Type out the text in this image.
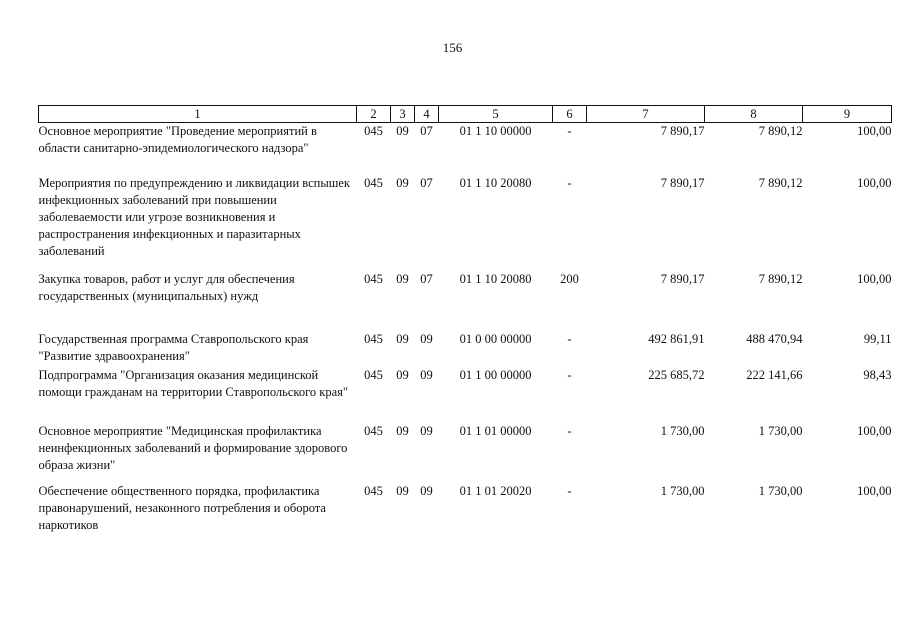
156
1	2	3	4	5	6	7	8	9
Основное мероприятие "Проведение мероприятий в области санитарно-эпидемиологического надзора"	045	09	07	01 1 10 00000	-	7 890,17	7 890,12	100,00
Мероприятия по предупреждению и ликвидации вспышек инфекционных заболеваний при повышении заболеваемости или угрозе возникновения и распространения инфекционных и паразитарных заболеваний	045	09	07	01 1 10 20080	-	7 890,17	7 890,12	100,00
Закупка товаров, работ и услуг для обеспечения государственных (муниципальных) нужд	045	09	07	01 1 10 20080	200	7 890,17	7 890,12	100,00
Государственная программа Ставропольского края "Развитие здравоохранения"	045	09	09	01 0 00 00000	-	492 861,91	488 470,94	99,11
Подпрограмма "Организация оказания медицинской помощи гражданам на территории Ставропольского края"	045	09	09	01 1 00 00000	-	225 685,72	222 141,66	98,43
Основное мероприятие "Медицинская профилактика неинфекционных заболеваний и формирование здорового образа жизни"	045	09	09	01 1 01 00000	-	1 730,00	1 730,00	100,00
Обеспечение общественного порядка, профилактика правонарушений, незаконного потребления и оборота наркотиков	045	09	09	01 1 01 20020	-	1 730,00	1 730,00	100,00
